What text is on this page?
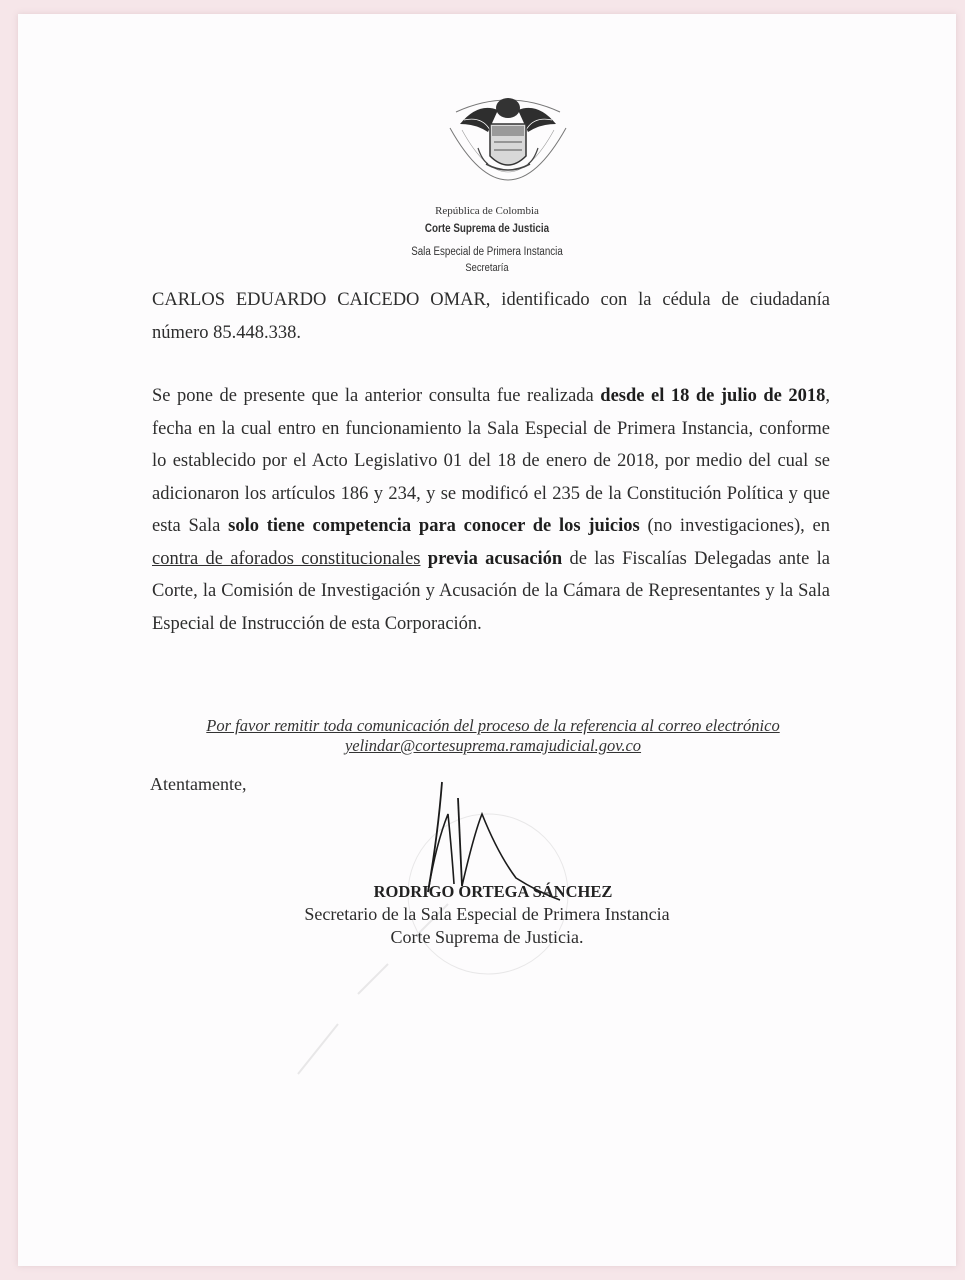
República de Colombia
Corte Suprema de Justicia
Sala Especial de Primera Instancia
Secretaría
CARLOS EDUARDO CAICEDO OMAR, identificado con la cédula de ciudadanía número 85.448.338.
Se pone de presente que la anterior consulta fue realizada desde el 18 de julio de 2018, fecha en la cual entro en funcionamiento la Sala Especial de Primera Instancia, conforme lo establecido por el Acto Legislativo 01 del 18 de enero de 2018, por medio del cual se adicionaron los artículos 186 y 234, y se modificó el 235 de la Constitución Política y que esta Sala solo tiene competencia para conocer de los juicios (no investigaciones), en contra de aforados constitucionales previa acusación de las Fiscalías Delegadas ante la Corte, la Comisión de Investigación y Acusación de la Cámara de Representantes y la Sala Especial de Instrucción de esta Corporación.
Por favor remitir toda comunicación del proceso de la referencia al correo electrónico
yelindar@cortesuprema.ramajudicial.gov.co
Atentamente,
RODRIGO ORTEGA SÁNCHEZ
Secretario de la Sala Especial de Primera Instancia
Corte Suprema de Justicia.
